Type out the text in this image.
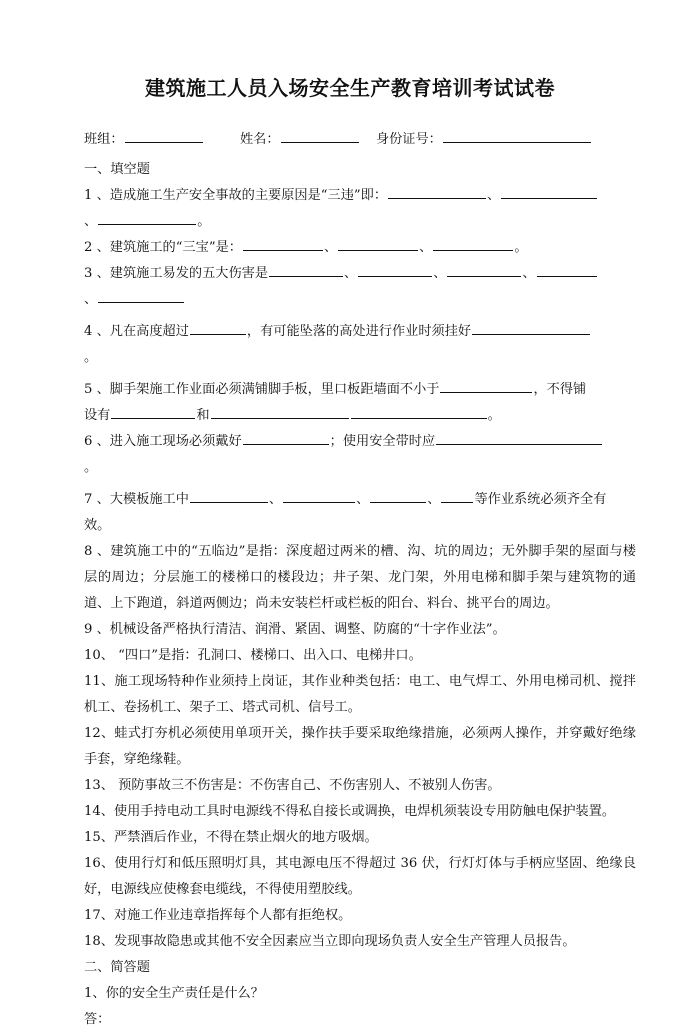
建筑施工人员入场安全生产教育培训考试试卷
班组：	姓名：	身份证号：
一、填空题
1 、造成施工生产安全事故的主要原因是“三违”即：	、
、	。
2 、建筑施工的“三宝”是：	、	、	。
3 、建筑施工易发的五大伤害是	、	、	、
、
4 、凡在高度超过	，有可能坠落的高处进行作业时须挂好
。
5 、脚手架施工作业面必须满铺脚手板，里口板距墙面不小于	，不得铺
设有	和	。
6 、进入施工现场必须戴好	；使用安全带时应
。
7 、大模板施工中	、	、	、	等作业系统必须齐全有
效。
8 、建筑施工中的“五临边”是指：深度超过两米的槽、沟、坑的周边；无外脚手架的屋面与楼层的周边；分层施工的楼梯口的楼段边；井子架、龙门架，外用电梯和脚手架与建筑物的通道、上下跑道，斜道两侧边；尚未安装栏杆或栏板的阳台、料台、挑平台的周边。
9 、机械设备严格执行清洁、润滑、紧固、调整、防腐的“十字作业法”。
10、 “四口”是指：孔洞口、楼梯口、出入口、电梯井口。
11、施工现场特种作业须持上岗证，其作业种类包括：电工、电气焊工、外用电梯司机、搅拌机工、卷扬机工、架子工、塔式司机、信号工。
12、蛙式打夯机必须使用单项开关，操作扶手要采取绝缘措施，必须两人操作，并穿戴好绝缘手套，穿绝缘鞋。
13、 预防事故三不伤害是：不伤害自己、不伤害别人、不被别人伤害。
14、使用手持电动工具时电源线不得私自接长或调换，电焊机须装设专用防触电保护装置。
15、严禁酒后作业，不得在禁止烟火的地方吸烟。
16、使用行灯和低压照明灯具，其电源电压不得超过 36 伏，行灯灯体与手柄应坚固、绝缘良好，电源线应使橡套电缆线，不得使用塑胶线。
17、对施工作业违章指挥每个人都有拒绝权。
18、发现事故隐患或其他不安全因素应当立即向现场负责人安全生产管理人员报告。
二、简答题
1、你的安全生产责任是什么？
答：
